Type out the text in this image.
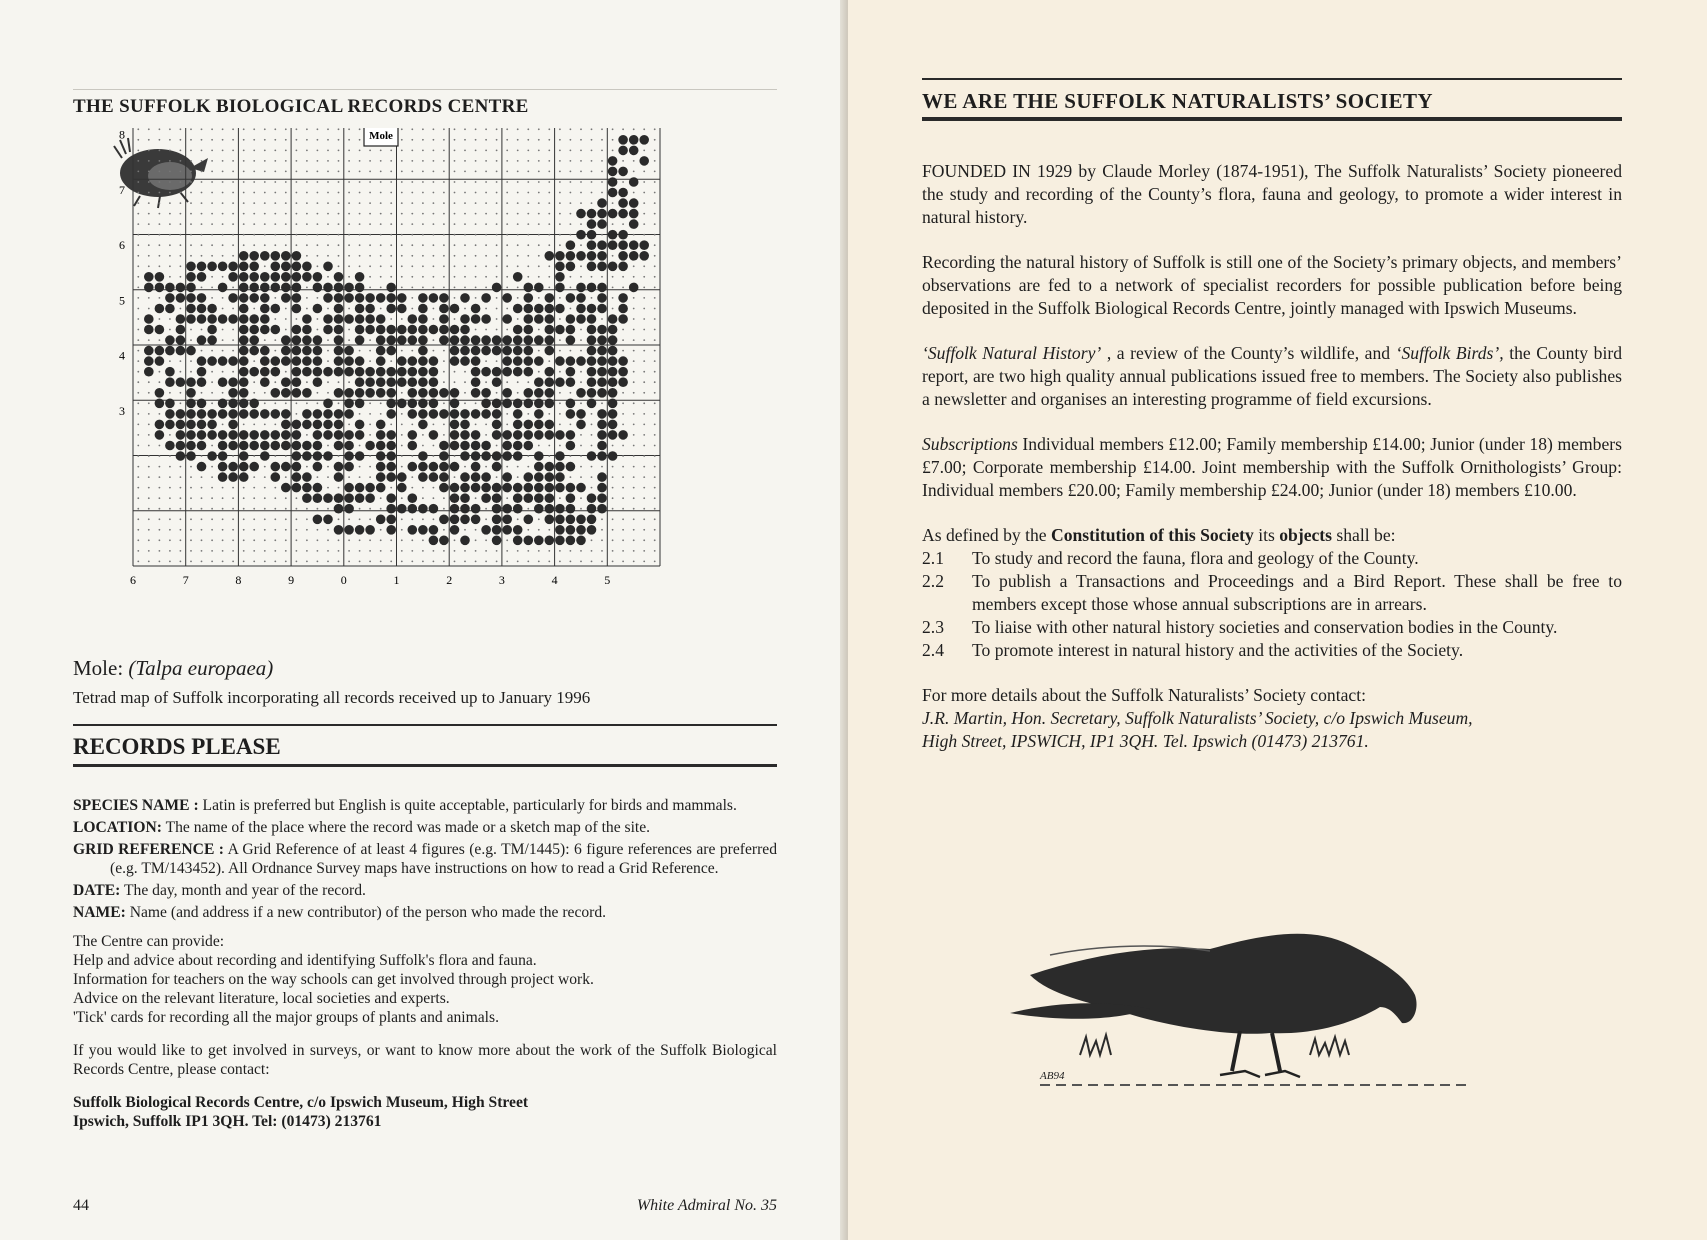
THE SUFFOLK BIOLOGICAL RECORDS CENTRE
Mole
8
7
6
5
4
3
6	7	8	9	0	1	2	3	4	5
Mole: (Talpa europaea)
Tetrad map of Suffolk incorporating all records received up to January 1996
RECORDS PLEASE
SPECIES NAME : Latin is preferred but English is quite acceptable, particularly for birds and mammals.
LOCATION: The name of the place where the record was made or a sketch map of the site.
GRID REFERENCE : A Grid Reference of at least 4 figures (e.g. TM/1445): 6 figure references are preferred (e.g. TM/143452). All Ordnance Survey maps have instructions on how to read a Grid Reference.
DATE: The day, month and year of the record.
NAME: Name (and address if a new contributor) of the person who made the record.
The Centre can provide:
Help and advice about recording and identifying Suffolk's flora and fauna.
Information for teachers on the way schools can get involved through project work.
Advice on the relevant literature, local societies and experts.
'Tick' cards for recording all the major groups of plants and animals.
If you would like to get involved in surveys, or want to know more about the work of the Suffolk Biological Records Centre, please contact:
Suffolk Biological Records Centre, c/o Ipswich Museum, High Street
Ipswich, Suffolk IP1 3QH. Tel: (01473) 213761
44	White Admiral No. 35
WE ARE THE SUFFOLK NATURALISTS’ SOCIETY

FOUNDED IN 1929 by Claude Morley (1874-1951), The Suffolk Naturalists’ Society pioneered the study and recording of the County’s flora, fauna and geology, to promote a wider interest in natural history.

Recording the natural history of Suffolk is still one of the Society’s primary objects, and members’ observations are fed to a network of specialist recorders for possible publication before being deposited in the Suffolk Biological Records Centre, jointly managed with Ipswich Museums.

‘Suffolk Natural History’ , a review of the County’s wildlife, and ‘Suffolk Birds’, the County bird report, are two high quality annual publications issued free to members. The Society also publishes a newsletter and organises an interesting programme of field excursions.

Subscriptions Individual members £12.00; Family membership £14.00; Junior (under 18) members £7.00; Corporate membership £14.00. Joint membership with the Suffolk Ornithologists’ Group: Individual members £20.00; Family membership £24.00; Junior (under 18) members £10.00.

As defined by the Constitution of this Society its objects shall be:
2.1	To study and record the fauna, flora and geology of the County.
2.2	To publish a Transactions and Proceedings and a Bird Report. These shall be free to members except those whose annual subscriptions are in arrears.
2.3	To liaise with other natural history societies and conservation bodies in the County.
2.4	To promote interest in natural history and the activities of the Society.
For more details about the Suffolk Naturalists’ Society contact:
J.R. Martin, Hon. Secretary, Suffolk Naturalists’ Society, c/o Ipswich Museum,
High Street, IPSWICH, IP1 3QH. Tel. Ipswich (01473) 213761.
AB94
